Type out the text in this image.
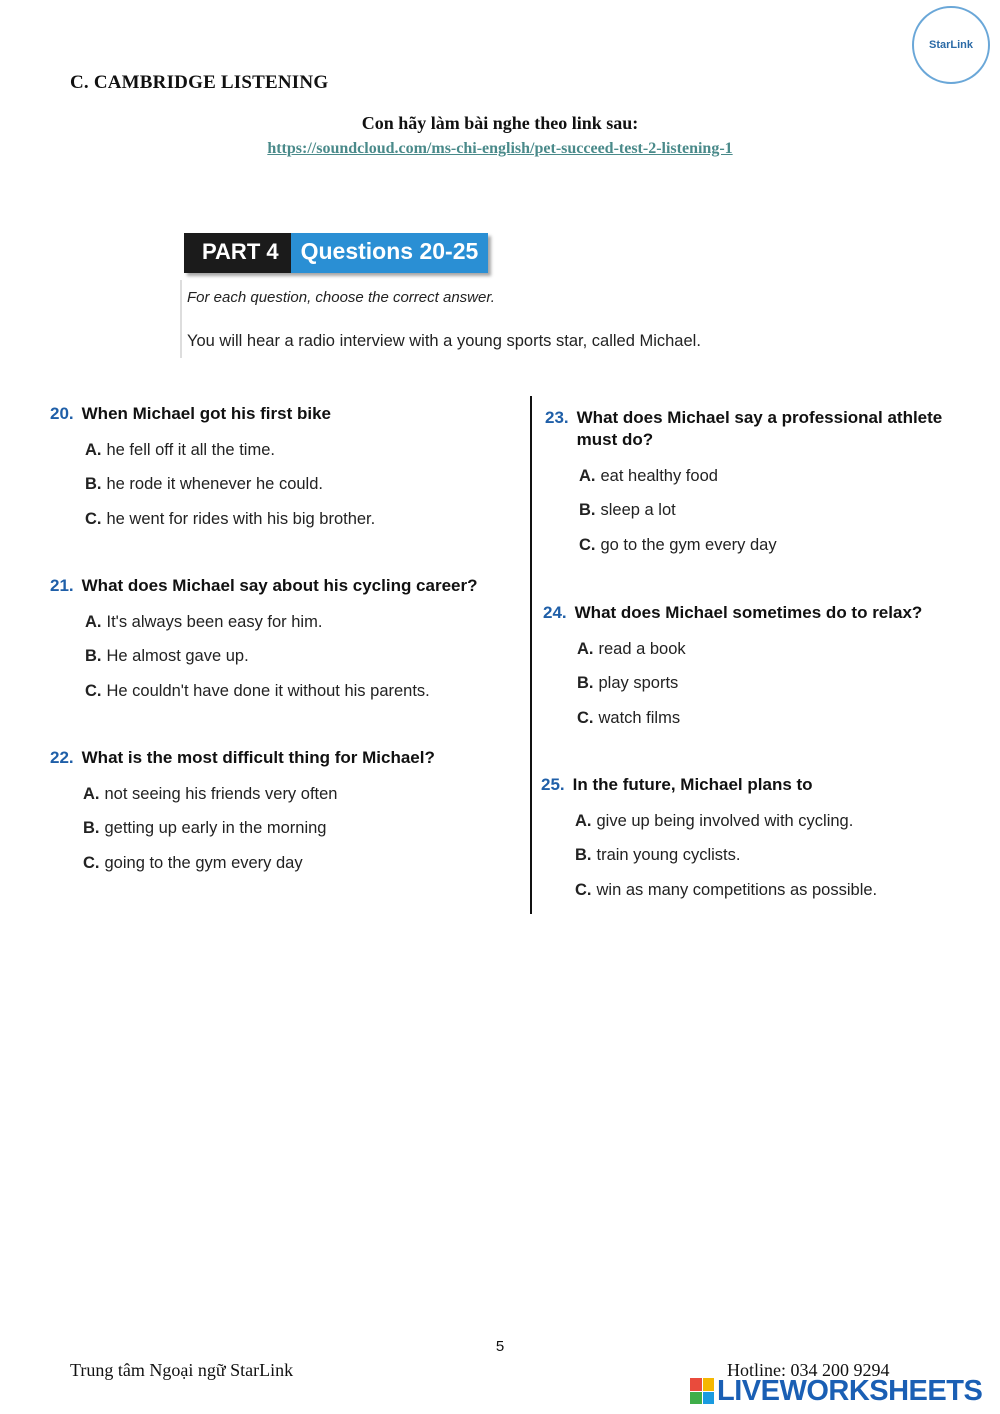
StarLink
C. CAMBRIDGE LISTENING
Con hãy làm bài nghe theo link sau:
https://soundcloud.com/ms-chi-english/pet-succeed-test-2-listening-1
PART 4 Questions 20-25
For each question, choose the correct answer.
You will hear a radio interview with a young sports star, called Michael.
20. When Michael got his first bike
A. he fell off it all the time.
B. he rode it whenever he could.
C. he went for rides with his big brother.
21. What does Michael say about his cycling career?
A. It's always been easy for him.
B. He almost gave up.
C. He couldn't have done it without his parents.
22. What is the most difficult thing for Michael?
A. not seeing his friends very often
B. getting up early in the morning
C. going to the gym every day
23. What does Michael say a professional athlete must do?
A. eat healthy food
B. sleep a lot
C. go to the gym every day
24. What does Michael sometimes do to relax?
A. read a book
B. play sports
C. watch films
25. In the future, Michael plans to
A. give up being involved with cycling.
B. train young cyclists.
C. win as many competitions as possible.
5
Trung tâm Ngoại ngữ StarLink	Hotline: 034 200 9294
LIVEWORKSHEETS
